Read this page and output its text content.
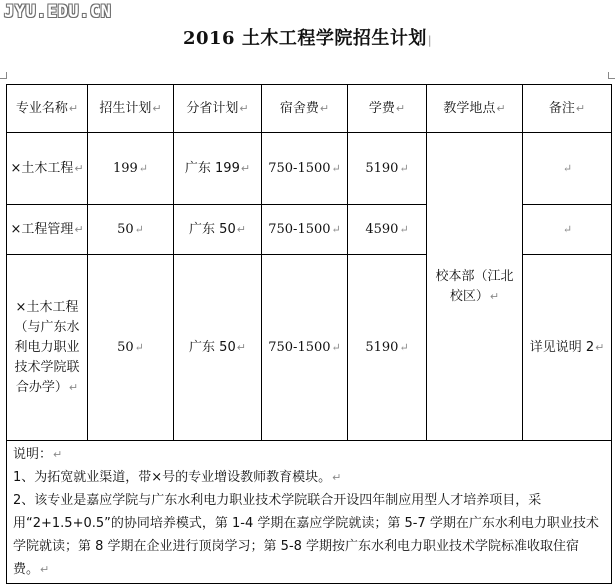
JYU.EDU.CN
2016 土木工程学院招生计划|
专业名称↵	招生计划↵	分省计划↵	宿舍费↵	学费↵	教学地点↵	备注↵
×土木工程↵	199↵	广东 199↵	750-1500↵	5190↵	校本部（江北校区）↵	↵
×工程管理↵	50↵	广东 50↵	750-1500↵	4590↵		↵
×土木工程（与广东水利电力职业技术学院联合办学）↵	50↵	广东 50↵	750-1500↵	5190↵		详见说明 2↵

说明：↵

1、为拓宽就业渠道，带×号的专业增设教师教育模块。↵

2、该专业是嘉应学院与广东水利电力职业技术学院联合开设四年制应用型人才培养项目，采用“2+1.5+0.5”的协同培养模式，第 1-4 学期在嘉应学院就读；第 5-7 学期在广东水利电力职业技术学院就读；第 8 学期在企业进行顶岗学习；第 5-8 学期按广东水利电力职业技术学院标准收取住宿费。↵						
